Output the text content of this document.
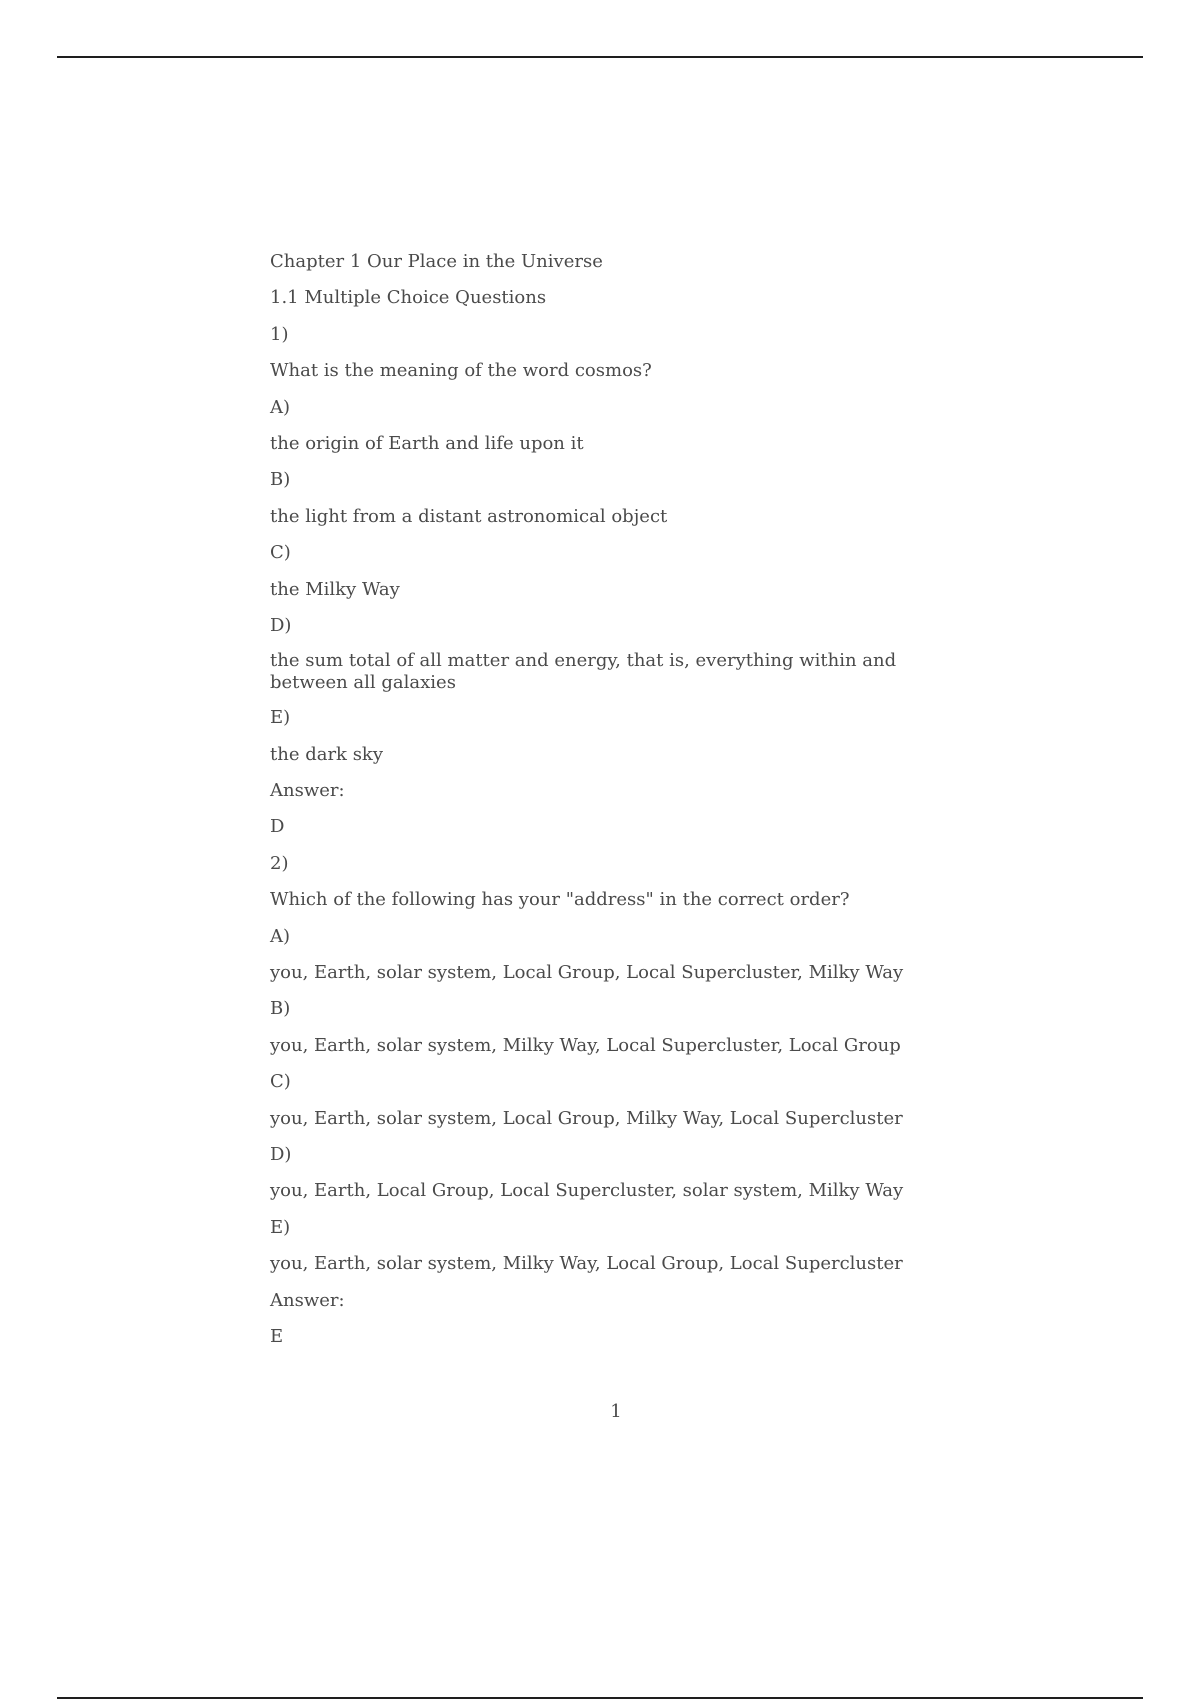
Chapter 1 Our Place in the Universe
1.1 Multiple Choice Questions
1)
What is the meaning of the word cosmos?
A)
the origin of Earth and life upon it
B)
the light from a distant astronomical object
C)
the Milky Way
D)
the sum total of all matter and energy, that is, everything within and between all galaxies
E)
the dark sky
Answer:
D
2)
Which of the following has your "address" in the correct order?
A)
you, Earth, solar system, Local Group, Local Supercluster, Milky Way
B)
you, Earth, solar system, Milky Way, Local Supercluster, Local Group
C)
you, Earth, solar system, Local Group, Milky Way, Local Supercluster
D)
you, Earth, Local Group, Local Supercluster, solar system, Milky Way
E)
you, Earth, solar system, Milky Way, Local Group, Local Supercluster
Answer:
E
1
